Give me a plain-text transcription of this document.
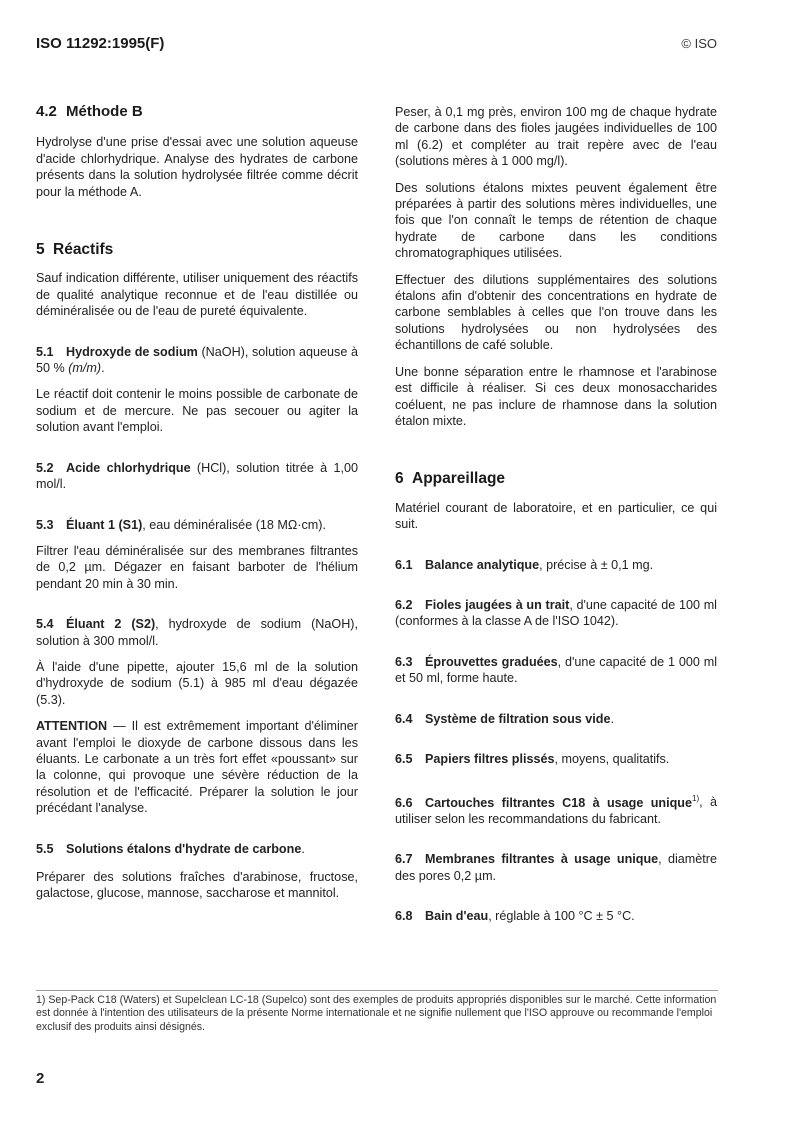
ISO 11292:1995(F)	© ISO
4.2 Méthode B

Hydrolyse d'une prise d'essai avec une solution aqueuse d'acide chlorhydrique. Analyse des hydrates de carbone présents dans la solution hydrolysée filtrée comme décrit pour la méthode A.

5 Réactifs

Sauf indication différente, utiliser uniquement des réactifs de qualité analytique reconnue et de l'eau distillée ou déminéralisée ou de l'eau de pureté équivalente.

5.1 Hydroxyde de sodium (NaOH), solution aqueuse à 50 % (m/m).

Le réactif doit contenir le moins possible de carbonate de sodium et de mercure. Ne pas secouer ou agiter la solution avant l'emploi.

5.2 Acide chlorhydrique (HCl), solution titrée à 1,00 mol/l.

5.3 Éluant 1 (S1), eau déminéralisée (18 MΩ·cm).

Filtrer l'eau déminéralisée sur des membranes filtrantes de 0,2 µm. Dégazer en faisant barboter de l'hélium pendant 20 min à 30 min.

5.4 Éluant 2 (S2), hydroxyde de sodium (NaOH), solution à 300 mmol/l.

À l'aide d'une pipette, ajouter 15,6 ml de la solution d'hydroxyde de sodium (5.1) à 985 ml d'eau dégazée (5.3).

ATTENTION — Il est extrêmement important d'éliminer avant l'emploi le dioxyde de carbone dissous dans les éluants. Le carbonate a un très fort effet «poussant» sur la colonne, qui provoque une sévère réduction de la résolution et de l'efficacité. Préparer la solution le jour précédant l'analyse.

5.5 Solutions étalons d'hydrate de carbone.

Préparer des solutions fraîches d'arabinose, fructose, galactose, glucose, mannose, saccharose et mannitol.

Peser, à 0,1 mg près, environ 100 mg de chaque hydrate de carbone dans des fioles jaugées individuelles de 100 ml (6.2) et compléter au trait repère avec de l'eau (solutions mères à 1 000 mg/l).

Des solutions étalons mixtes peuvent également être préparées à partir des solutions mères individuelles, une fois que l'on connaît le temps de rétention de chaque hydrate de carbone dans les conditions chromatographiques utilisées.

Effectuer des dilutions supplémentaires des solutions étalons afin d'obtenir des concentrations en hydrate de carbone semblables à celles que l'on trouve dans les solutions hydrolysées ou non hydrolysées des échantillons de café soluble.

Une bonne séparation entre le rhamnose et l'arabinose est difficile à réaliser. Si ces deux monosaccharides coéluent, ne pas inclure de rhamnose dans la solution étalon mixte.

6 Appareillage

Matériel courant de laboratoire, et en particulier, ce qui suit.

6.1 Balance analytique, précise à ± 0,1 mg.

6.2 Fioles jaugées à un trait, d'une capacité de 100 ml (conformes à la classe A de l'ISO 1042).

6.3 Éprouvettes graduées, d'une capacité de 1 000 ml et 50 ml, forme haute.

6.4 Système de filtration sous vide.

6.5 Papiers filtres plissés, moyens, qualitatifs.

6.6 Cartouches filtrantes C18 à usage unique$^{1)}$, à utiliser selon les recommandations du fabricant.

6.7 Membranes filtrantes à usage unique, diamètre des pores 0,2 µm.

6.8 Bain d'eau, réglable à 100 °C ± 5 °C.

1) Sep-Pack C18 (Waters) et Supelclean LC-18 (Supelco) sont des exemples de produits appropriés disponibles sur le marché. Cette information est donnée à l'intention des utilisateurs de la présente Norme internationale et ne signifie nullement que l'ISO approuve ou recommande l'emploi exclusif des produits ainsi désignés.
2
